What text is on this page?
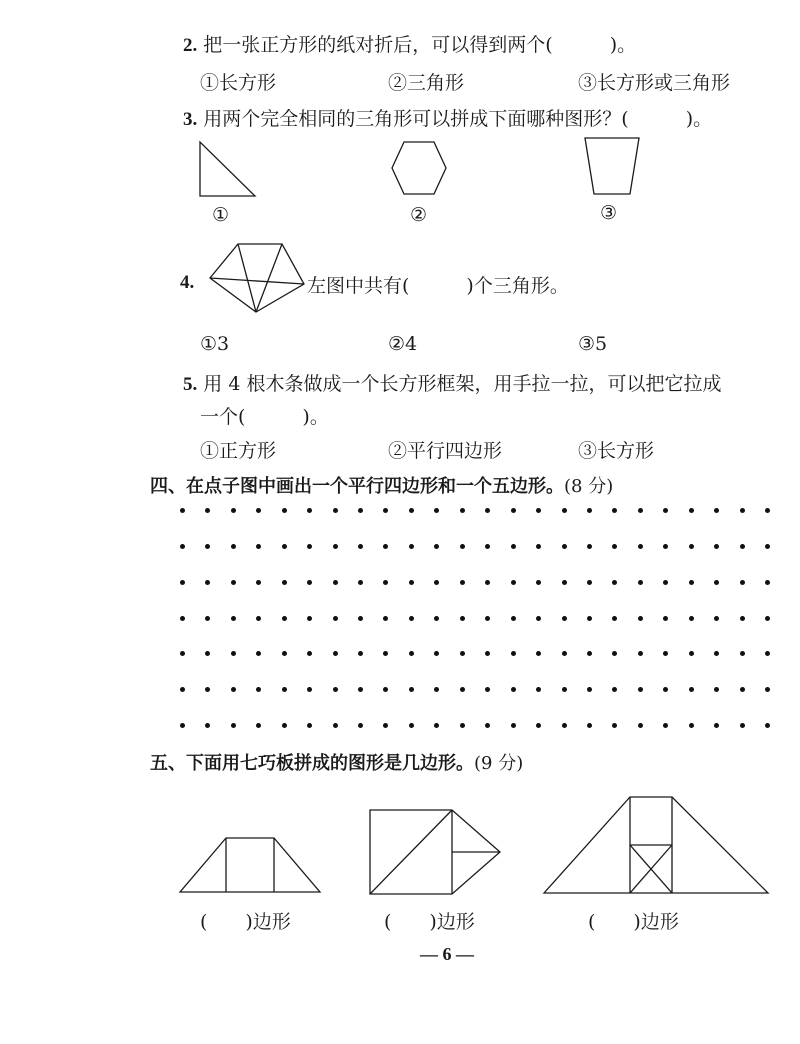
2. 把一张正方形的纸对折后，可以得到两个(　　　)。
①长方形	②三角形	③长方形或三角形
3. 用两个完全相同的三角形可以拼成下面哪种图形？(　　　)。
①	②	③
4.	左图中共有(　　　)个三角形。
①3	②4	③5
5. 用 4 根木条做成一个长方形框架，用手拉一拉，可以把它拉成
一个(　　　)。
①正方形	②平行四边形	③长方形
四、在点子图中画出一个平行四边形和一个五边形。(8 分)
五、下面用七巧板拼成的图形是几边形。(9 分)
(　　)边形	(　　)边形	(　　)边形
— 6 —
